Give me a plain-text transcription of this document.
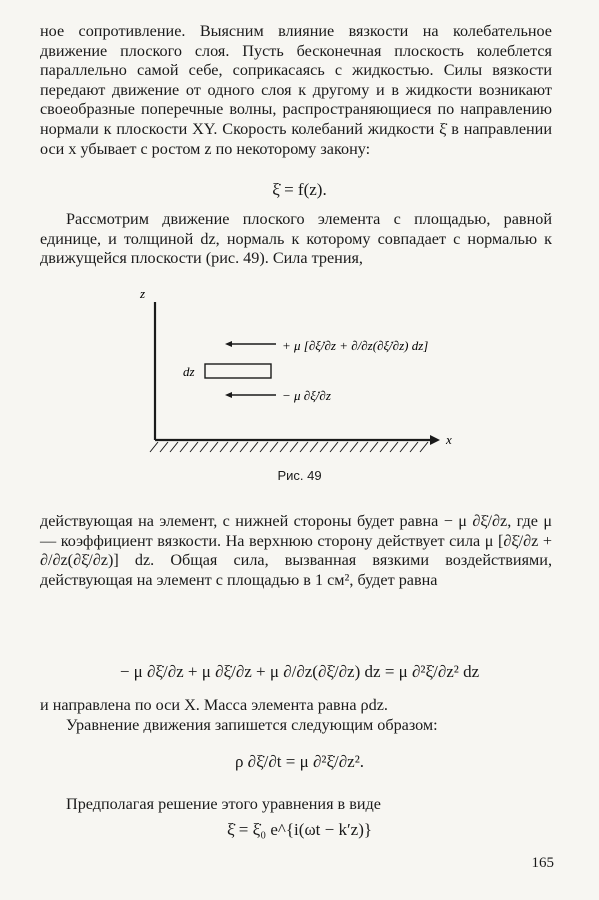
ное сопротивление. Выясним влияние вязкости на колебательное движение плоского слоя. Пусть бесконечная плоскость колеблется параллельно самой себе, соприкасаясь с жидкостью. Силы вязкости передают движение от одного слоя к другому и в жидкости возникают своеобразные поперечные волны, распространяющиеся по направлению нормали к плоскости XY. Скорость колебаний жидкости ξ̇ в направлении оси x убывает с ростом z по некоторому закону:

ξ̇ = f(z).

Рассмотрим движение плоского элемента с площадью, равной единице, и толщиной dz, нормаль к которому совпадает с нормалью к движущейся плоскости (рис. 49). Сила трения,

z
x
dz
+ μ [∂ξ̇/∂z + ∂/∂z(∂ξ̇/∂z) dz]
− μ ∂ξ̇/∂z
Рис. 49

действующая на элемент, с нижней стороны будет равна − μ ∂ξ̇/∂z, где μ — коэффициент вязкости. На верхнюю сторону действует сила μ [∂ξ̇/∂z + ∂/∂z(∂ξ̇/∂z)] dz. Общая сила, вызванная вязкими воздействиями, действующая на элемент с площадью в 1 см², будет равна

− μ ∂ξ̇/∂z + μ ∂ξ̇/∂z + μ ∂/∂z(∂ξ̇/∂z) dz = μ ∂²ξ̇/∂z² dz

и направлена по оси X. Масса элемента равна ρdz.

Уравнение движения запишется следующим образом:

ρ ∂ξ̇/∂t = μ ∂²ξ̇/∂z².

Предполагая решение этого уравнения в виде

ξ̇ = ξ̇₀ e^{i(ωt − k′z)}
165
